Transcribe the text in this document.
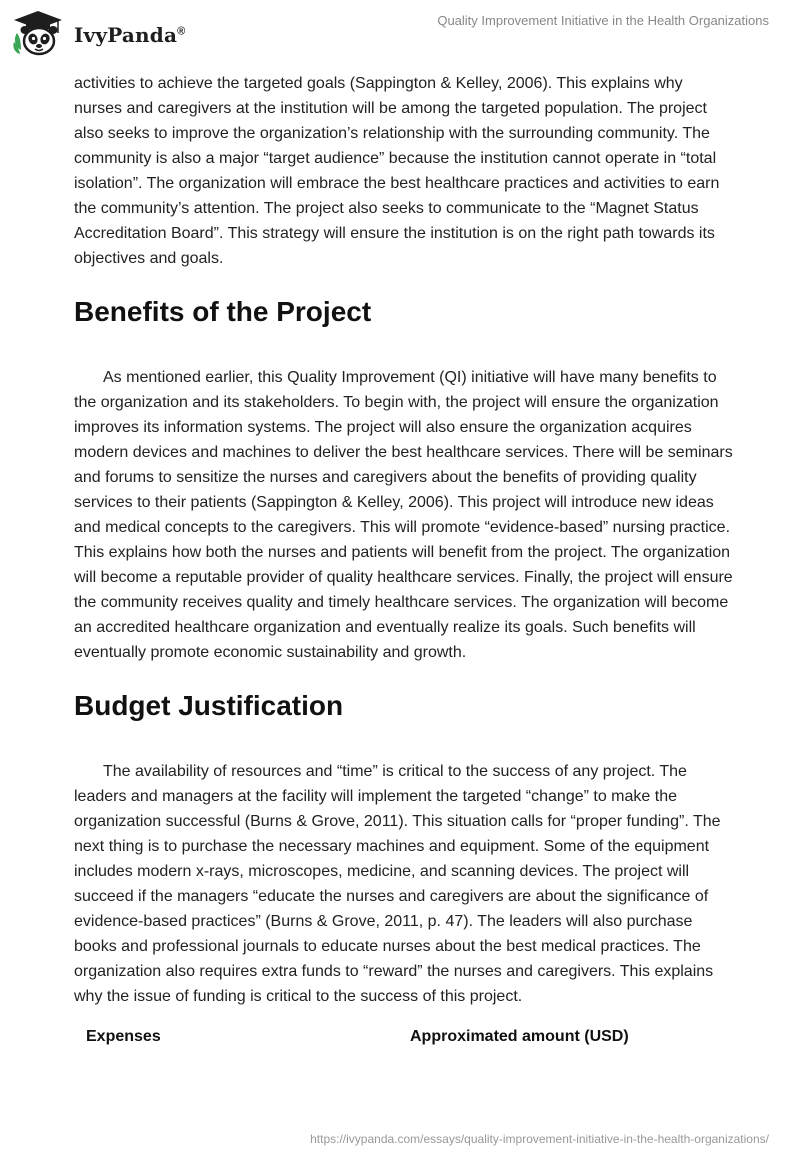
IvyPanda®
Quality Improvement Initiative in the Health Organizations

activities to achieve the targeted goals (Sappington & Kelley, 2006). This explains why nurses and caregivers at the institution will be among the targeted population. The project also seeks to improve the organization’s relationship with the surrounding community. The community is also a major “target audience” because the institution cannot operate in “total isolation”. The organization will embrace the best healthcare practices and activities to earn the community’s attention. The project also seeks to communicate to the “Magnet Status Accreditation Board”. This strategy will ensure the institution is on the right path towards its objectives and goals.

Benefits of the Project

As mentioned earlier, this Quality Improvement (QI) initiative will have many benefits to the organization and its stakeholders. To begin with, the project will ensure the organization improves its information systems. The project will also ensure the organization acquires modern devices and machines to deliver the best healthcare services. There will be seminars and forums to sensitize the nurses and caregivers about the benefits of providing quality services to their patients (Sappington & Kelley, 2006). This project will introduce new ideas and medical concepts to the caregivers. This will promote “evidence-based” nursing practice. This explains how both the nurses and patients will benefit from the project. The organization will become a reputable provider of quality healthcare services. Finally, the project will ensure the community receives quality and timely healthcare services. The organization will become an accredited healthcare organization and eventually realize its goals. Such benefits will eventually promote economic sustainability and growth.

Budget Justification

The availability of resources and “time” is critical to the success of any project. The leaders and managers at the facility will implement the targeted “change” to make the organization successful (Burns & Grove, 2011). This situation calls for “proper funding”. The next thing is to purchase the necessary machines and equipment. Some of the equipment includes modern x-rays, microscopes, medicine, and scanning devices. The project will succeed if the managers “educate the nurses and caregivers are about the significance of evidence-based practices” (Burns & Grove, 2011, p. 47). The leaders will also purchase books and professional journals to educate nurses about the best medical practices. The organization also requires extra funds to “reward” the nurses and caregivers. This explains why the issue of funding is critical to the success of this project.

Expenses	Approximated amount (USD)
https://ivypanda.com/essays/quality-improvement-initiative-in-the-health-organizations/
